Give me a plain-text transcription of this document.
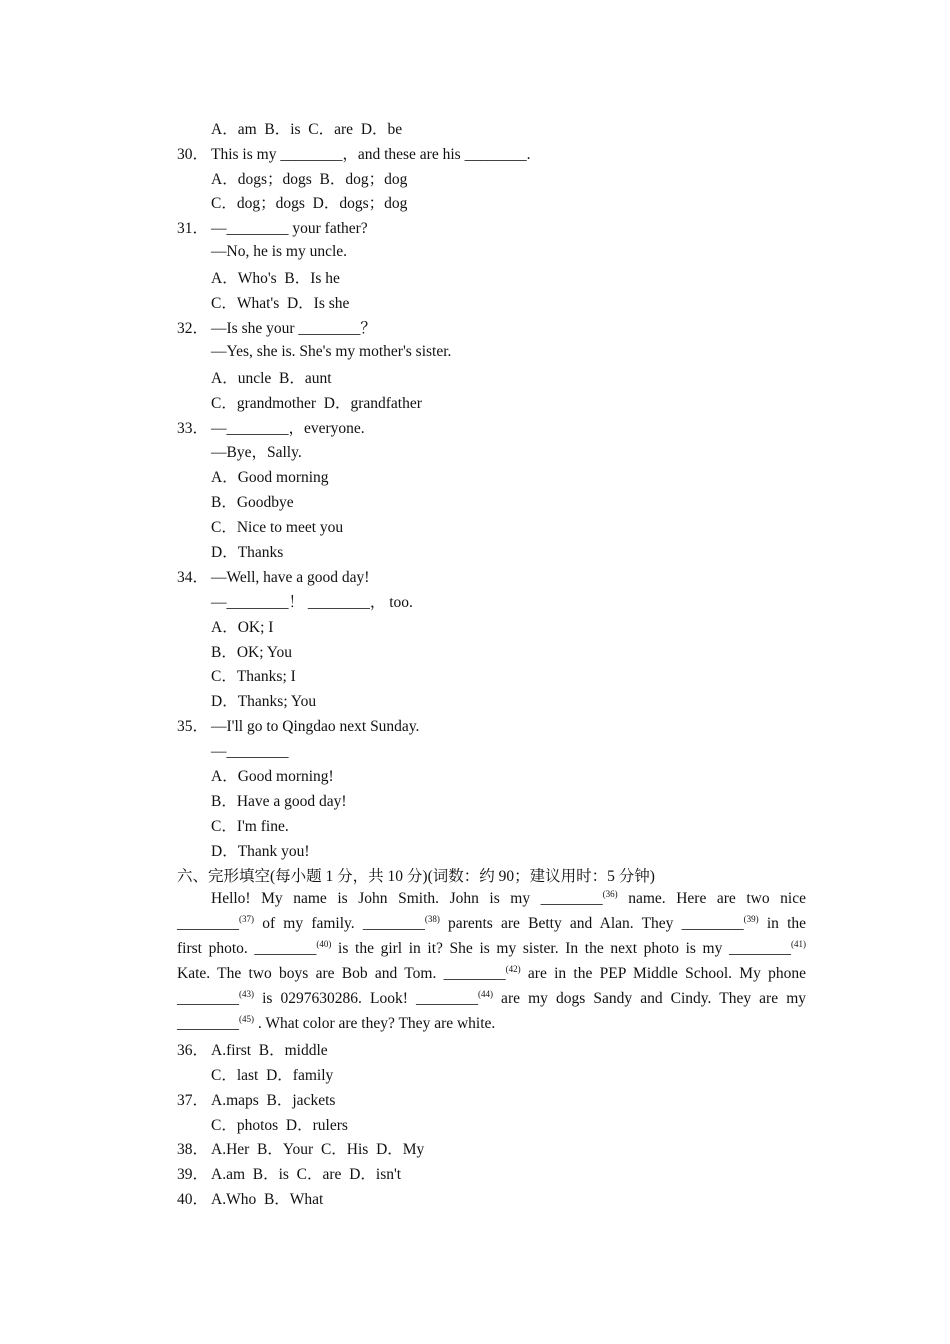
A．am  B．is  C．are  D．be
30． This is my ________，and these are his ________.
A．dogs；dogs  B．dog；dog
C．dog；dogs  D．dogs；dog
31． —________ your father?
—No, he is my uncle.
A．Who's  B．Is he
C．What's  D．Is she
32． —Is she your ________？
—Yes, she is. She's my mother's sister.
A．uncle  B．aunt
C．grandmother  D．grandfather
33． —________，everyone.
—Bye，Sally.
A．Good morning
B．Goodbye
C．Nice to meet you
D．Thanks
34． —Well, have a good day!
—________！ ________， too.
A．OK; I
B．OK; You
C．Thanks; I
D．Thanks; You
35． —I'll go to Qingdao next Sunday.
—________
A．Good morning!
B．Have a good day!
C．I'm fine.
D．Thank you!
六、完形填空(每小题 1 分，共 10 分)(词数：约 90；建议用时：5 分钟)
Hello! My name is John Smith. John is my ________$^{(36)}$ name. Here are two nice
________$^{(37)}$ of my family. ________$^{(38)}$ parents are Betty and Alan. They ________$^{(39)}$ in the
first photo. ________$^{(40)}$ is the girl in it? She is my sister. In the next photo is my ________$^{(41)}$
Kate. The two boys are Bob and Tom. ________$^{(42)}$ are in the PEP Middle School. My phone
________$^{(43)}$ is 0297630286. Look! ________$^{(44)}$ are my dogs Sandy and Cindy. They are my
________$^{(45)}$ . What color are they? They are white.
36． A.first  B．middle
C．last  D．family
37． A.maps  B．jackets
C．photos  D．rulers
38． A.Her  B．Your  C．His  D．My
39． A.am  B．is  C．are  D．isn't
40． A.Who  B．What
